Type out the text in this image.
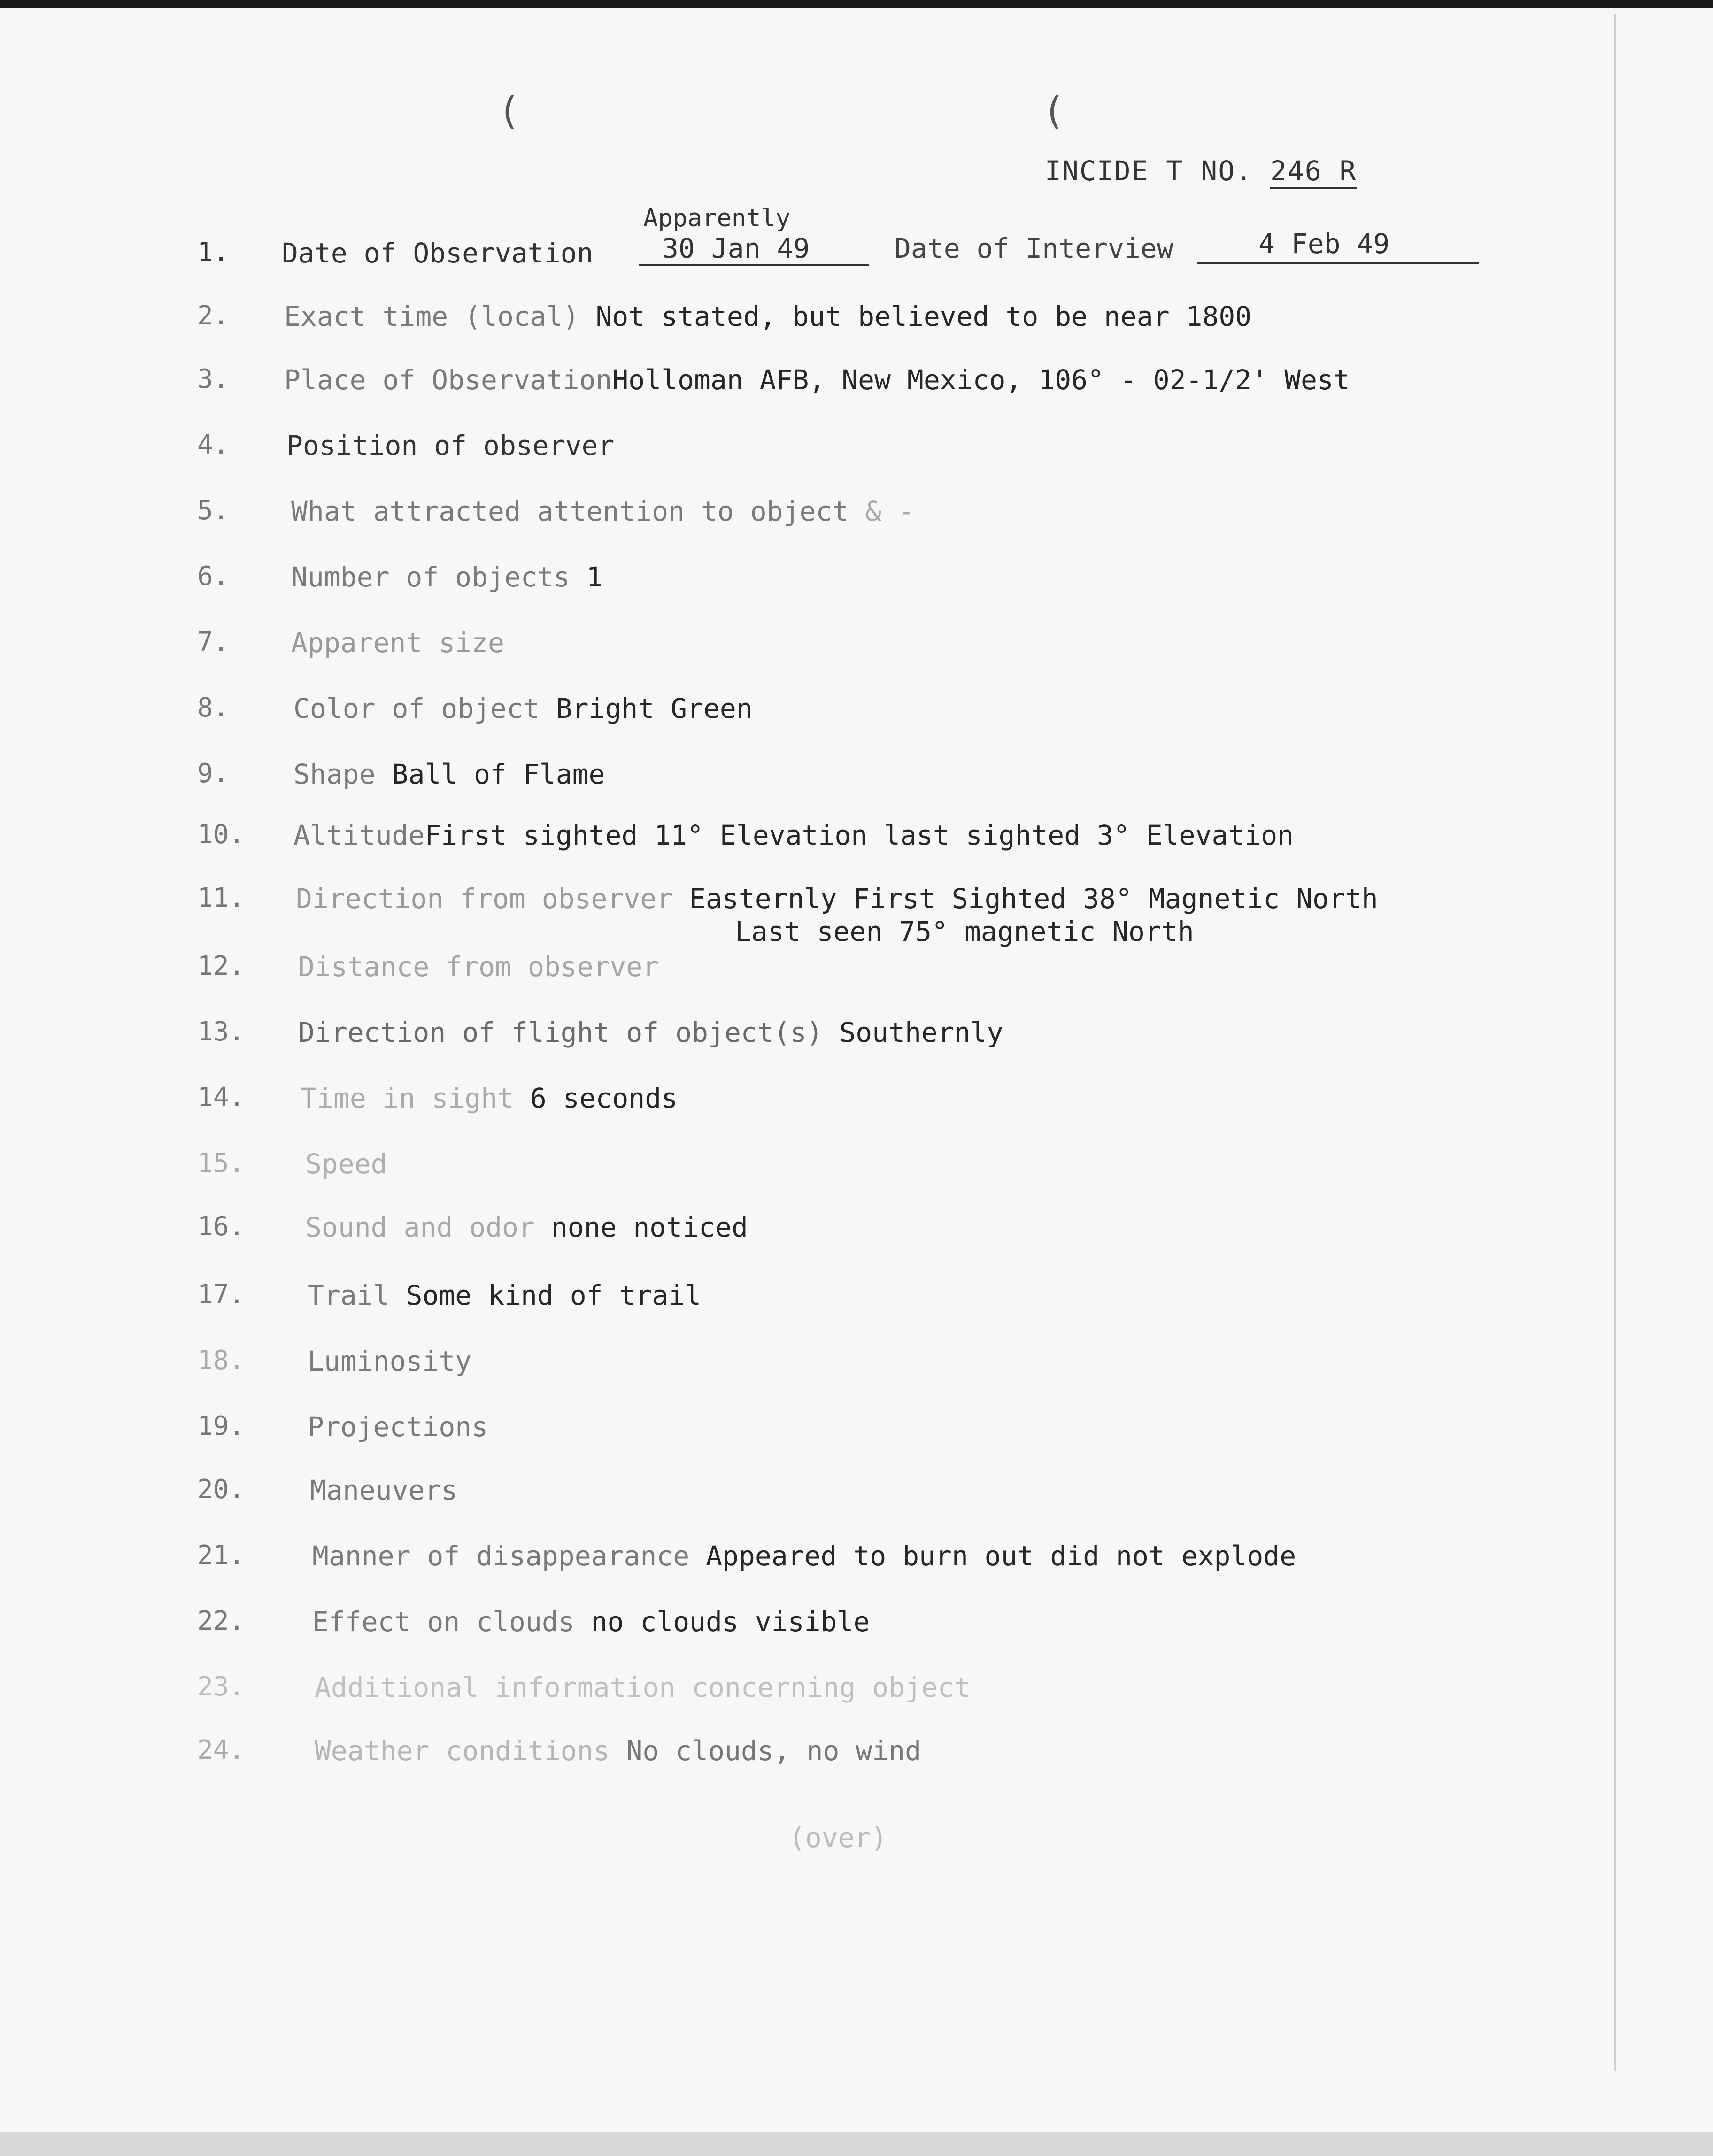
(	(
INCIDE T NO. 246 R
1.	Date of Observation
Apparently
30 Jan 49	Date of Interview	4 Feb 49
2.	Exact time (local) Not stated, but believed to be near 1800
3.	Place of ObservationHolloman AFB, New Mexico, 106° - 02-1/2' West
4.	Position of observer
5.	What attracted attention to object & -
6.	Number of objects 1
7.	Apparent size
8.	Color of object Bright Green
9.	Shape Ball of Flame
10.	AltitudeFirst sighted 11° Elevation last sighted 3° Elevation
11.	Direction from observer Easternly First Sighted 38° Magnetic North
Last seen 75° magnetic North
12.	Distance from observer
13.	Direction of flight of object(s) Southernly
14.	Time in sight 6 seconds
15.	Speed
16.	Sound and odor none noticed
17.	Trail Some kind of trail
18.	Luminosity
19.	Projections
20.	Maneuvers
21.	Manner of disappearance Appeared to burn out did not explode
22.	Effect on clouds no clouds visible
23.	Additional information concerning object
24.	Weather conditions No clouds, no wind
(over)
